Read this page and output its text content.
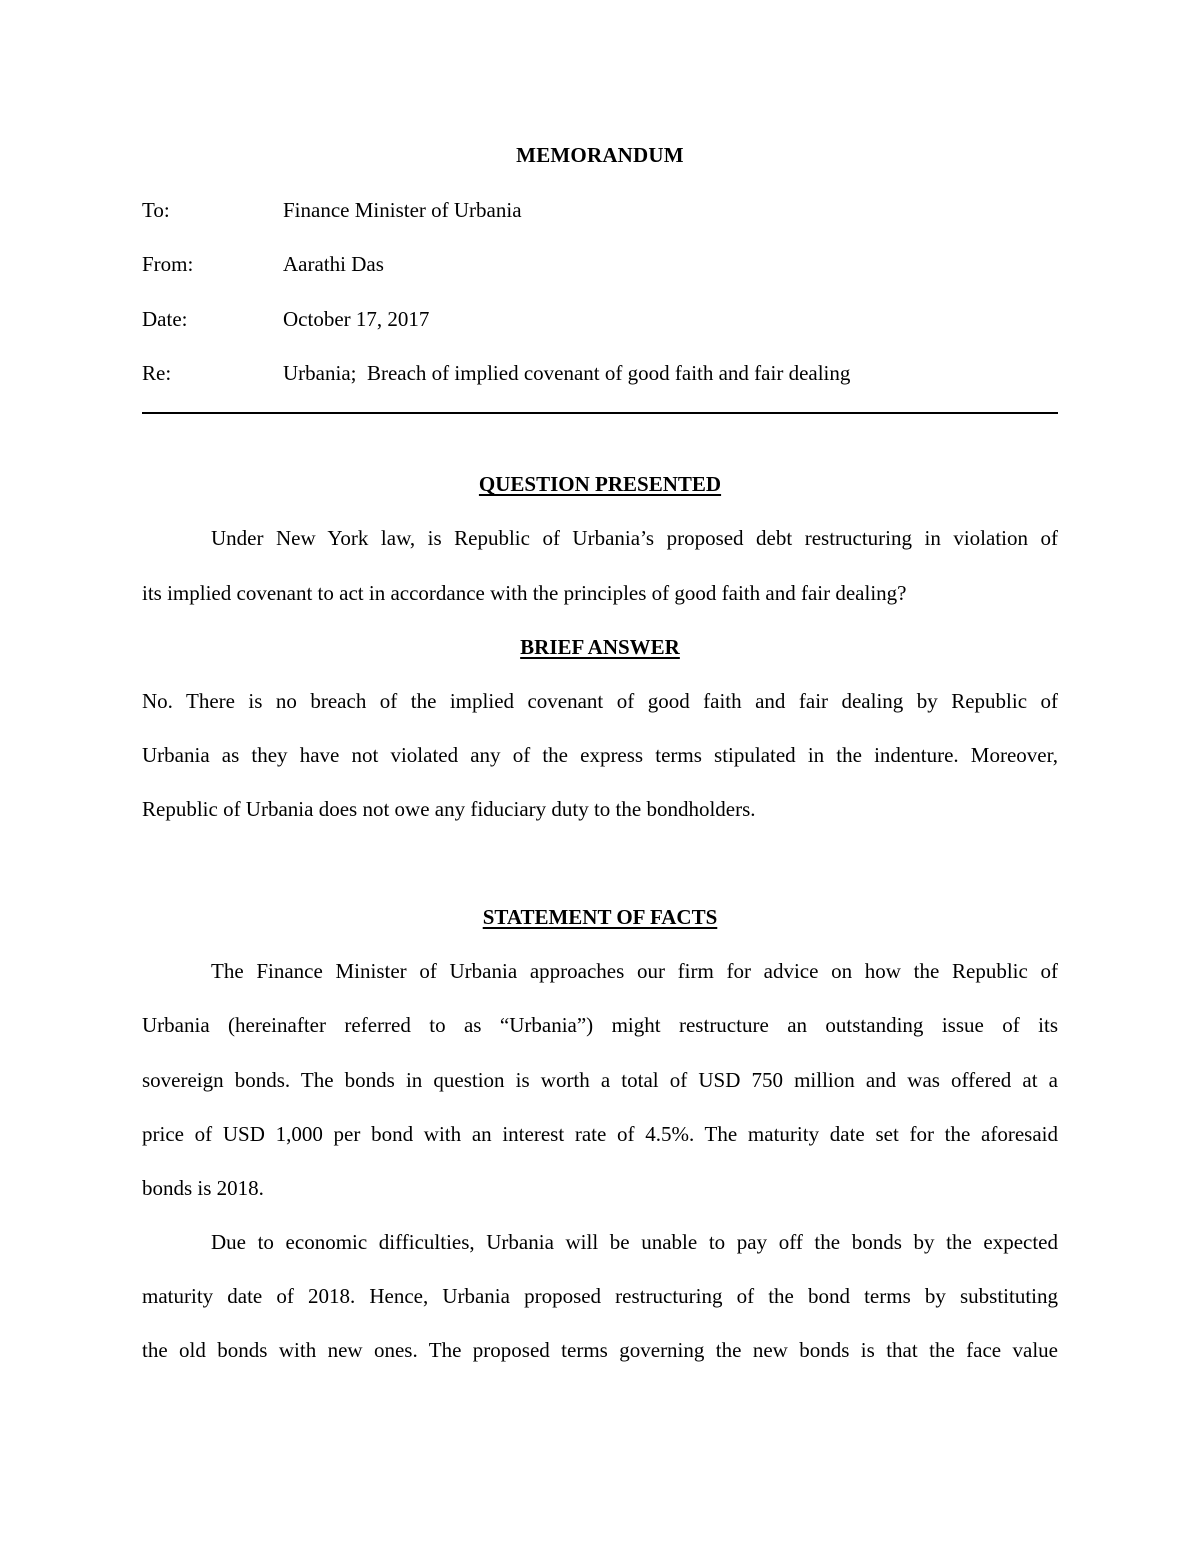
MEMORANDUM
To:	Finance Minister of Urbania
From:	Aarathi Das
Date:	October 17, 2017
Re:	Urbania;  Breach of implied covenant of good faith and fair dealing
QUESTION PRESENTED
Under New York law, is Republic of Urbania’s proposed debt restructuring in violation of
its implied covenant to act in accordance with the principles of good faith and fair dealing?
BRIEF ANSWER
No. There is no breach of the implied covenant of good faith and fair dealing by Republic of
Urbania as they have not violated any of the express terms stipulated in the indenture. Moreover,
Republic of Urbania does not owe any fiduciary duty to the bondholders.
STATEMENT OF FACTS
The Finance Minister of Urbania approaches our firm for advice on how the Republic of
Urbania (hereinafter referred to as “Urbania”) might restructure an outstanding issue of its
sovereign bonds. The bonds in question is worth a total of USD 750 million and was offered at a
price of USD 1,000 per bond with an interest rate of 4.5%. The maturity date set for the aforesaid
bonds is 2018.
Due to economic difficulties, Urbania will be unable to pay off the bonds by the expected
maturity date of 2018. Hence, Urbania proposed restructuring of the bond terms by substituting
the old bonds with new ones. The proposed terms governing the new bonds is that the face value
